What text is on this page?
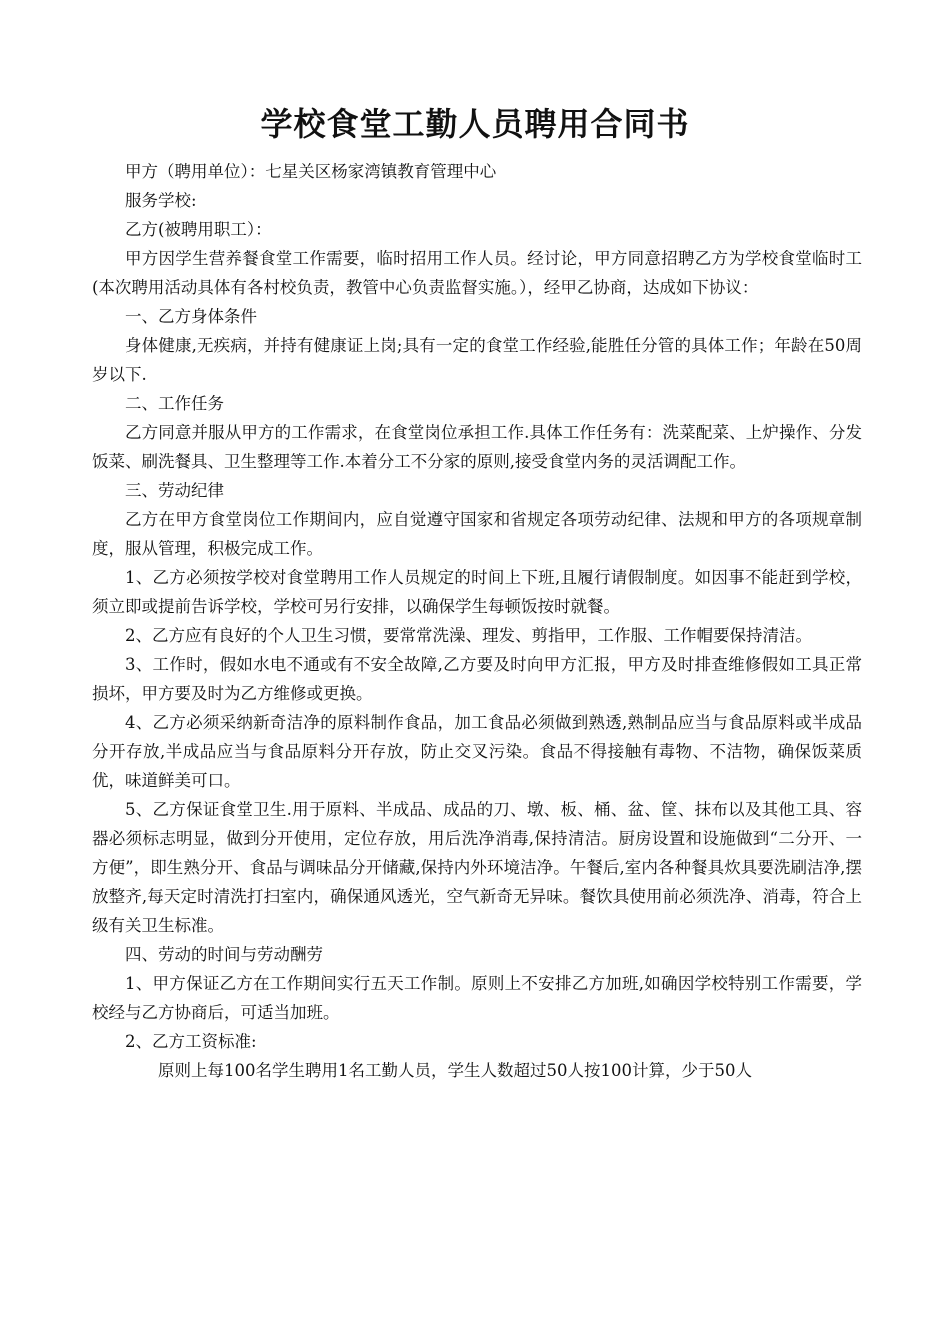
学校食堂工勤人员聘用合同书

甲方（聘用单位）：七星关区杨家湾镇教育管理中心

服务学校:

乙方(被聘用职工）：

甲方因学生营养餐食堂工作需要，临时招用工作人员。经讨论，甲方同意招聘乙方为学校食堂临时工(本次聘用活动具体有各村校负责，教管中心负责监督实施。），经甲乙协商，达成如下协议：

一、乙方身体条件

身体健康,无疾病，并持有健康证上岗;具有一定的食堂工作经验,能胜任分管的具体工作；年龄在50周岁以下.

二、工作任务

乙方同意并服从甲方的工作需求，在食堂岗位承担工作.具体工作任务有：洗菜配菜、上炉操作、分发饭菜、刷洗餐具、卫生整理等工作.本着分工不分家的原则,接受食堂内务的灵活调配工作。

三、劳动纪律

乙方在甲方食堂岗位工作期间内，应自觉遵守国家和省规定各项劳动纪律、法规和甲方的各项规章制度，服从管理，积极完成工作。

1、乙方必须按学校对食堂聘用工作人员规定的时间上下班,且履行请假制度。如因事不能赶到学校，须立即或提前告诉学校，学校可另行安排，以确保学生每顿饭按时就餐。

2、乙方应有良好的个人卫生习惯，要常常洗澡、理发、剪指甲，工作服、工作帽要保持清洁。

3、工作时，假如水电不通或有不安全故障,乙方要及时向甲方汇报，甲方及时排查维修假如工具正常损坏，甲方要及时为乙方维修或更换。

4、乙方必须采纳新奇洁净的原料制作食品，加工食品必须做到熟透,熟制品应当与食品原料或半成品分开存放,半成品应当与食品原料分开存放，防止交叉污染。食品不得接触有毒物、不洁物，确保饭菜质优，味道鲜美可口。

5、乙方保证食堂卫生.用于原料、半成品、成品的刀、墩、板、桶、盆、筐、抹布以及其他工具、容器必须标志明显，做到分开使用，定位存放，用后洗净消毒,保持清洁。厨房设置和设施做到“二分开、一方便”，即生熟分开、食品与调味品分开储藏,保持内外环境洁净。午餐后,室内各种餐具炊具要洗刷洁净,摆放整齐,每天定时清洗打扫室内，确保通风透光，空气新奇无异味。餐饮具使用前必须洗净、消毒，符合上级有关卫生标准。

四、劳动的时间与劳动酬劳

1、甲方保证乙方在工作期间实行五天工作制。原则上不安排乙方加班,如确因学校特别工作需要，学校经与乙方协商后，可适当加班。

2、乙方工资标准:

原则上每100名学生聘用1名工勤人员，学生人数超过50人按100计算，少于50人
